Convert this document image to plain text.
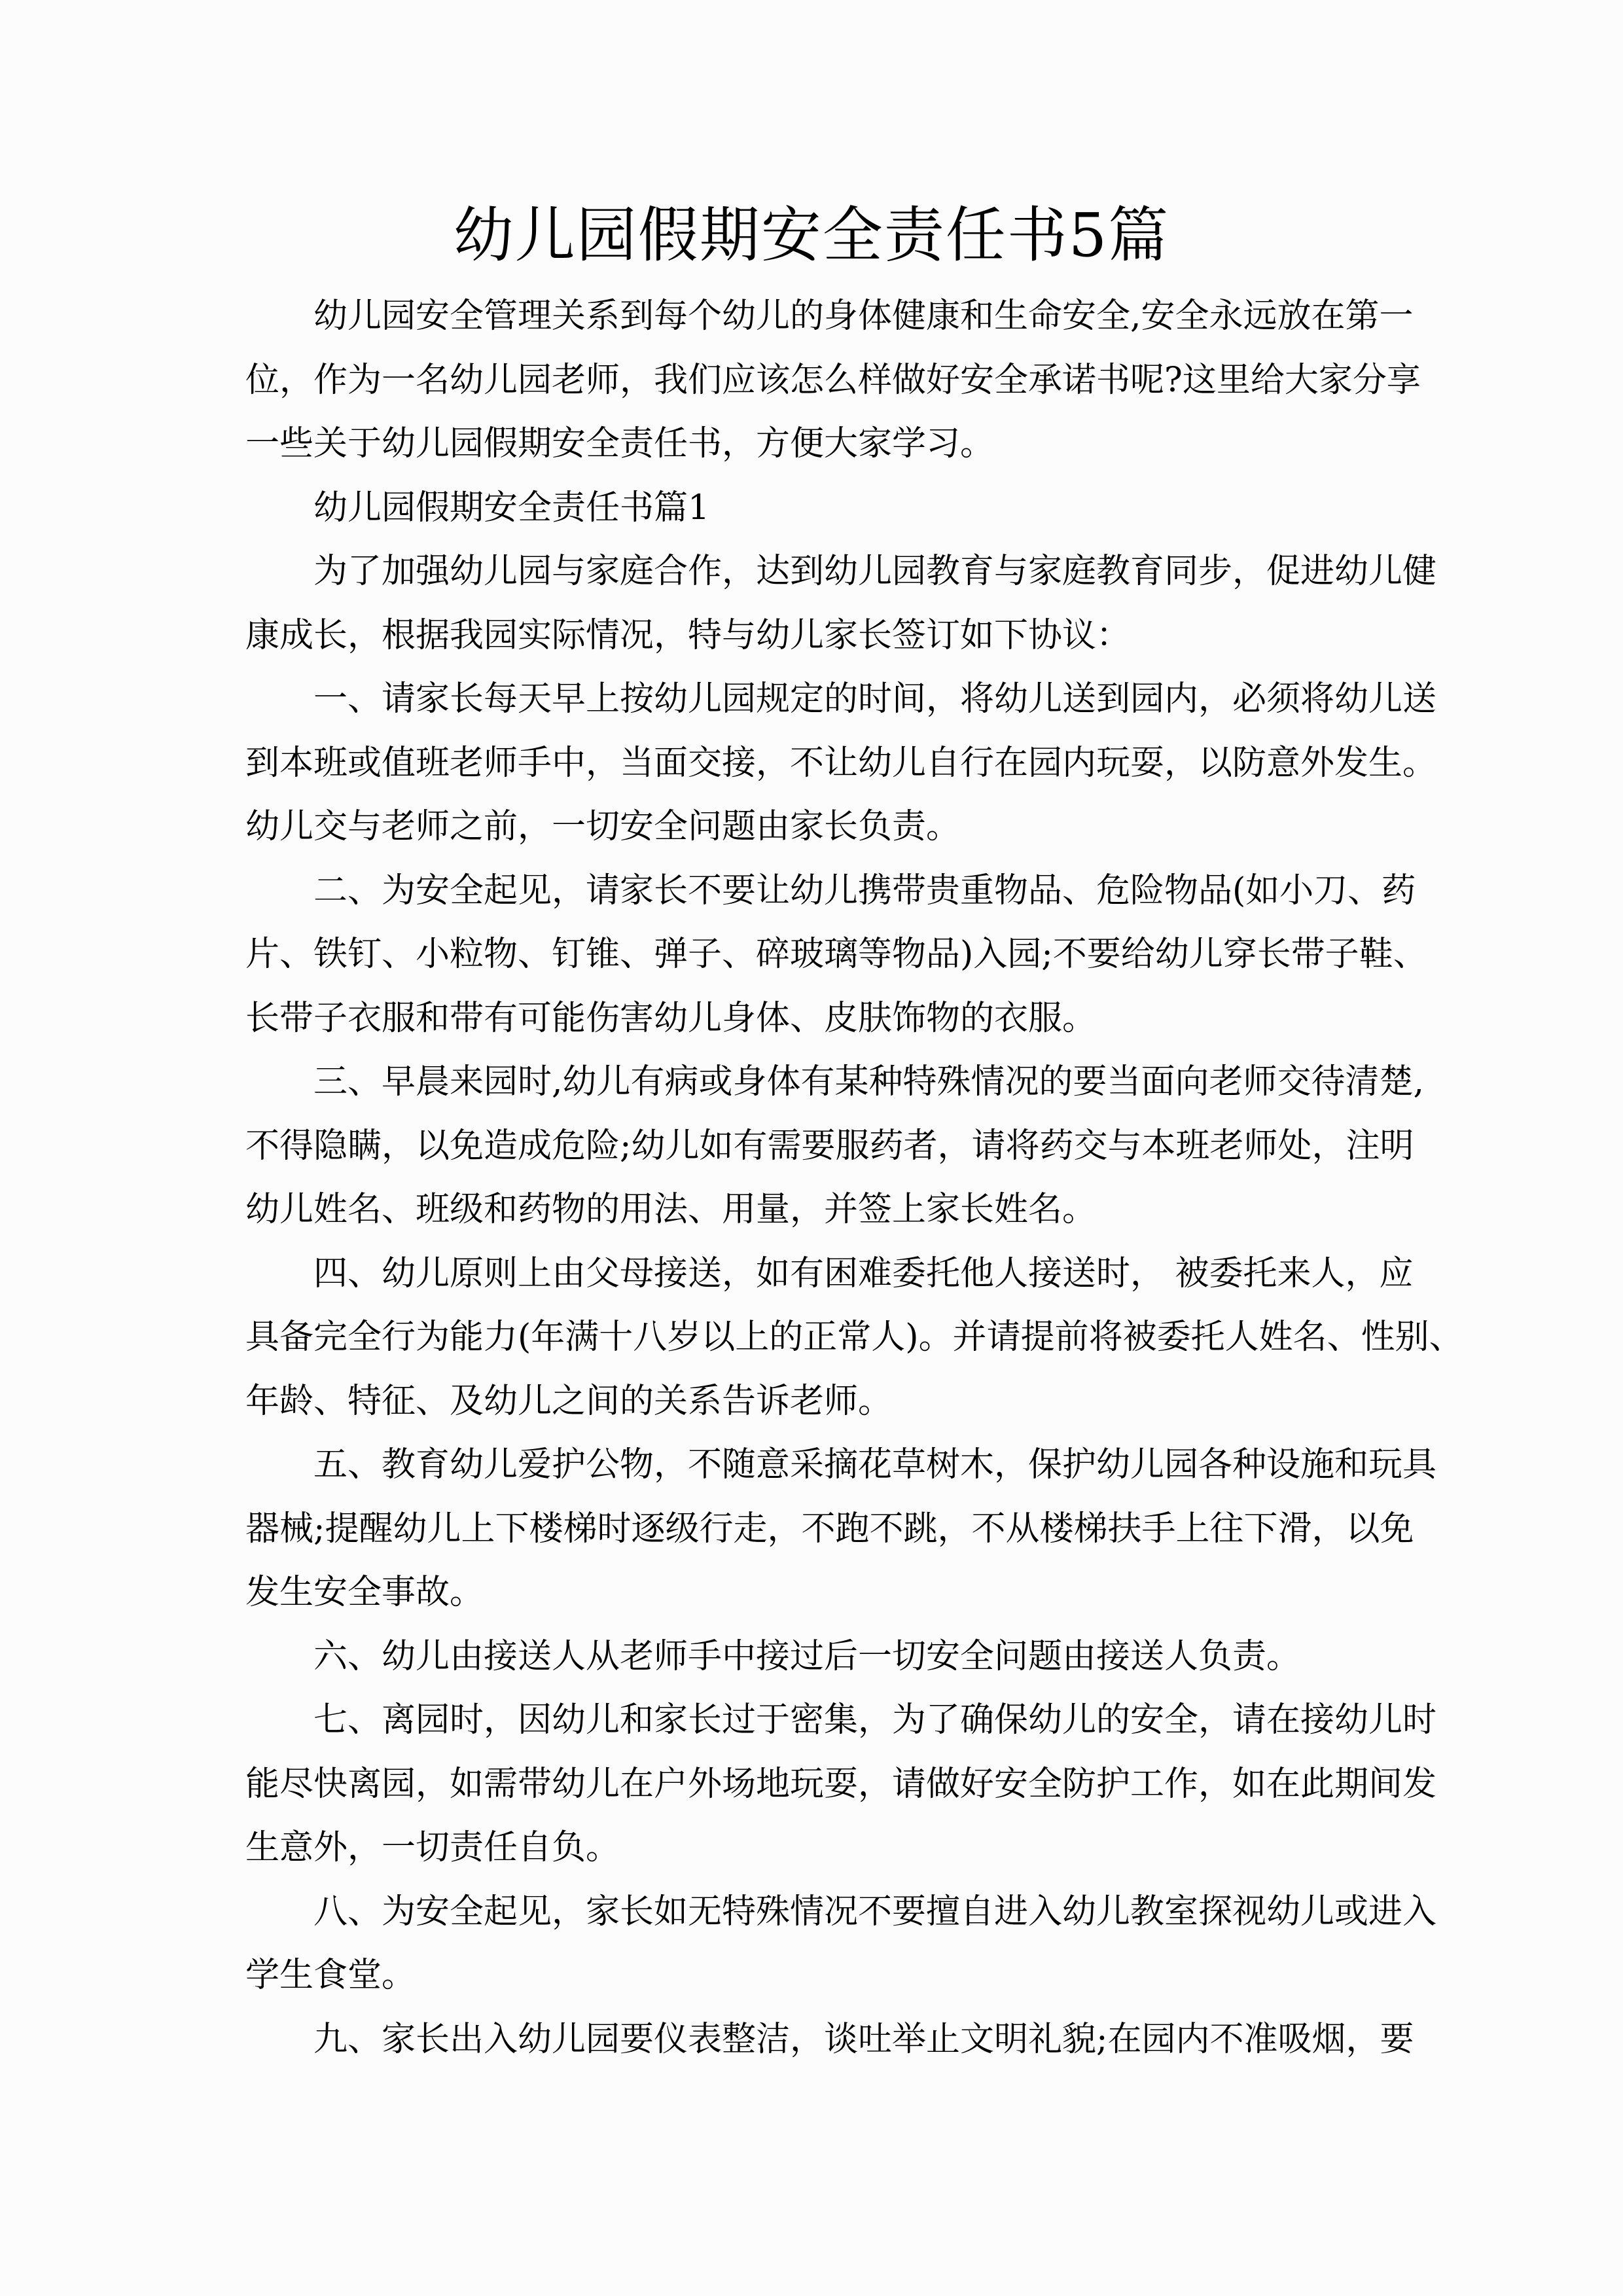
幼儿园假期安全责任书5篇
幼儿园安全管理关系到每个幼儿的身体健康和生命安全,安全永远放在第一
位，作为一名幼儿园老师，我们应该怎么样做好安全承诺书呢?这里给大家分享
一些关于幼儿园假期安全责任书，方便大家学习。
幼儿园假期安全责任书篇1
为了加强幼儿园与家庭合作，达到幼儿园教育与家庭教育同步，促进幼儿健
康成长，根据我园实际情况，特与幼儿家长签订如下协议：
一、请家长每天早上按幼儿园规定的时间，将幼儿送到园内，必须将幼儿送
到本班或值班老师手中，当面交接，不让幼儿自行在园内玩耍，以防意外发生。
幼儿交与老师之前，一切安全问题由家长负责。
二、为安全起见，请家长不要让幼儿携带贵重物品、危险物品(如小刀、药
片、铁钉、小粒物、钉锥、弹子、碎玻璃等物品)入园;不要给幼儿穿长带子鞋、
长带子衣服和带有可能伤害幼儿身体、皮肤饰物的衣服。
三、早晨来园时,幼儿有病或身体有某种特殊情况的要当面向老师交待清楚,
不得隐瞒，以免造成危险;幼儿如有需要服药者，请将药交与本班老师处，注明
幼儿姓名、班级和药物的用法、用量，并签上家长姓名。
四、幼儿原则上由父母接送，如有困难委托他人接送时， 被委托来人，应
具备完全行为能力(年满十八岁以上的正常人)。并请提前将被委托人姓名、性别、
年龄、特征、及幼儿之间的关系告诉老师。
五、教育幼儿爱护公物，不随意采摘花草树木，保护幼儿园各种设施和玩具
器械;提醒幼儿上下楼梯时逐级行走，不跑不跳，不从楼梯扶手上往下滑，以免
发生安全事故。
六、幼儿由接送人从老师手中接过后一切安全问题由接送人负责。
七、离园时，因幼儿和家长过于密集，为了确保幼儿的安全，请在接幼儿时
能尽快离园，如需带幼儿在户外场地玩耍，请做好安全防护工作，如在此期间发
生意外，一切责任自负。
八、为安全起见，家长如无特殊情况不要擅自进入幼儿教室探视幼儿或进入
学生食堂。
九、家长出入幼儿园要仪表整洁，谈吐举止文明礼貌;在园内不准吸烟，要
